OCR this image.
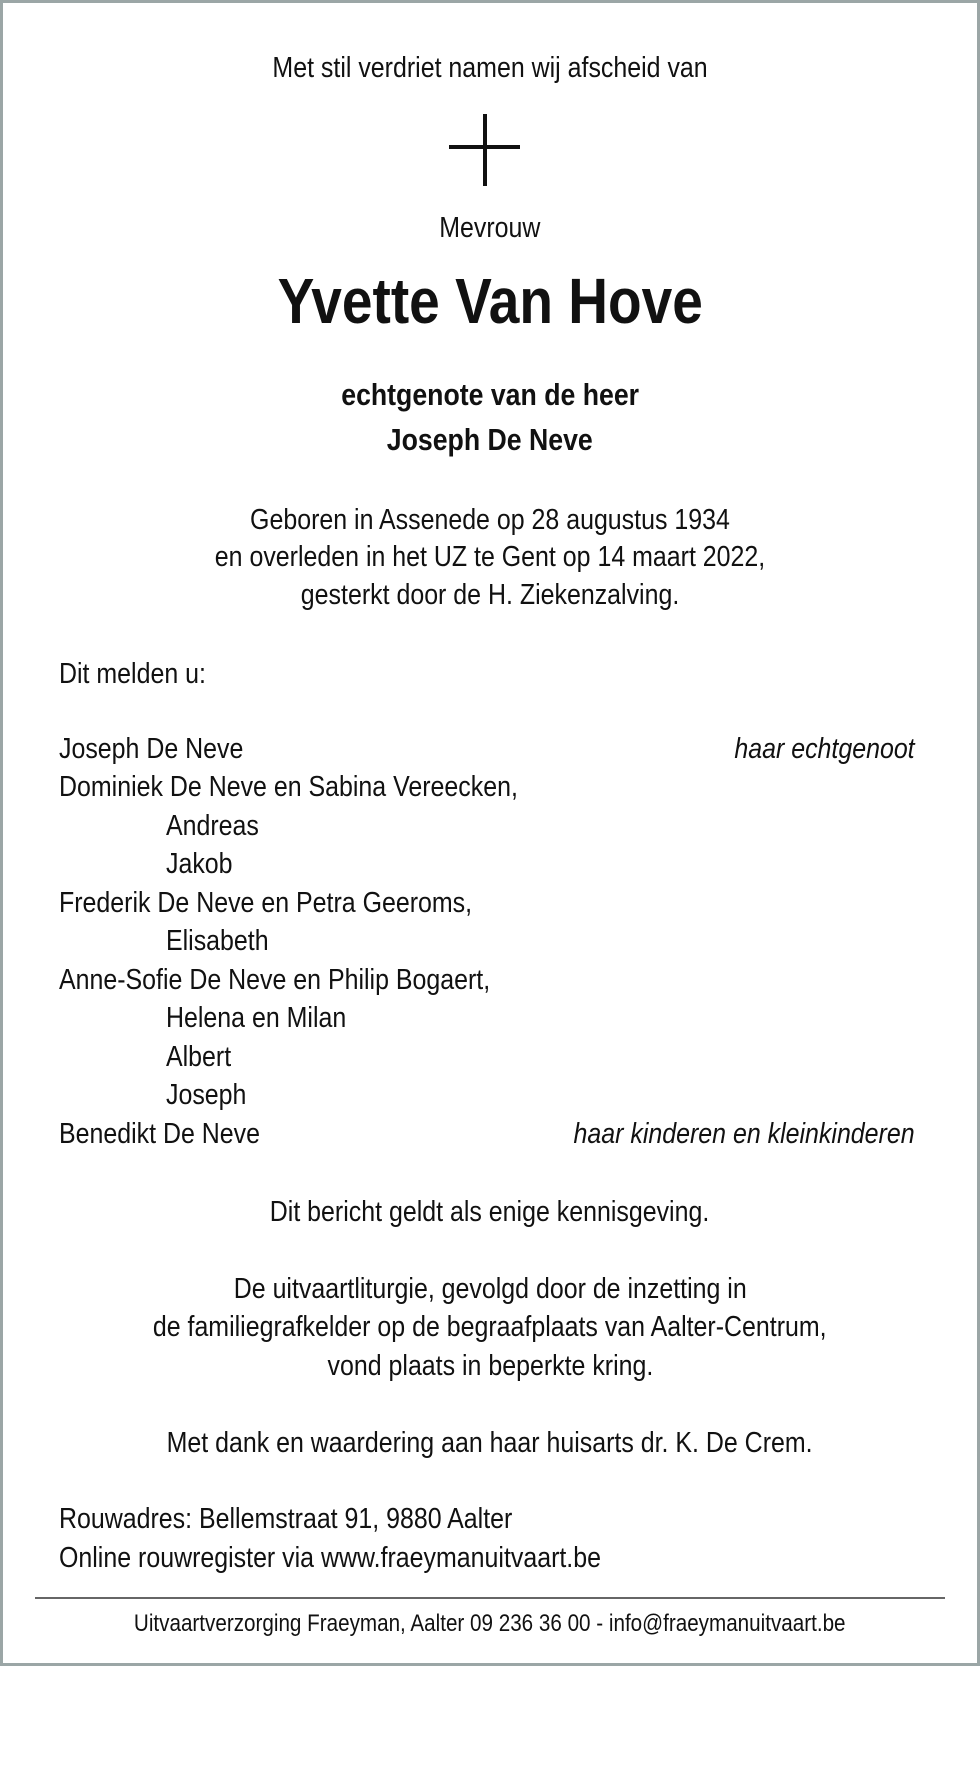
Met stil verdriet namen wij afscheid van
Mevrouw
Yvette Van Hove
echtgenote van de heer
Joseph De Neve
Geboren in Assenede op 28 augustus 1934
en overleden in het UZ te Gent op 14 maart 2022,
gesterkt door de H. Ziekenzalving.
Dit melden u:
Joseph De Neve	haar echtgenoot
Dominiek De Neve en Sabina Vereecken,
Andreas
Jakob
Frederik De Neve en Petra Geeroms,
Elisabeth
Anne-Sofie De Neve en Philip Bogaert,
Helena en Milan
Albert
Joseph
Benedikt De Neve	haar kinderen en kleinkinderen
Dit bericht geldt als enige kennisgeving.
De uitvaartliturgie, gevolgd door de inzetting in
de familiegrafkelder op de begraafplaats van Aalter-Centrum,
vond plaats in beperkte kring.
Met dank en waardering aan haar huisarts dr. K. De Crem.
Rouwadres: Bellemstraat 91, 9880 Aalter
Online rouwregister via www.fraeymanuitvaart.be
Uitvaartverzorging Fraeyman, Aalter 09 236 36 00 - info@fraeymanuitvaart.be
